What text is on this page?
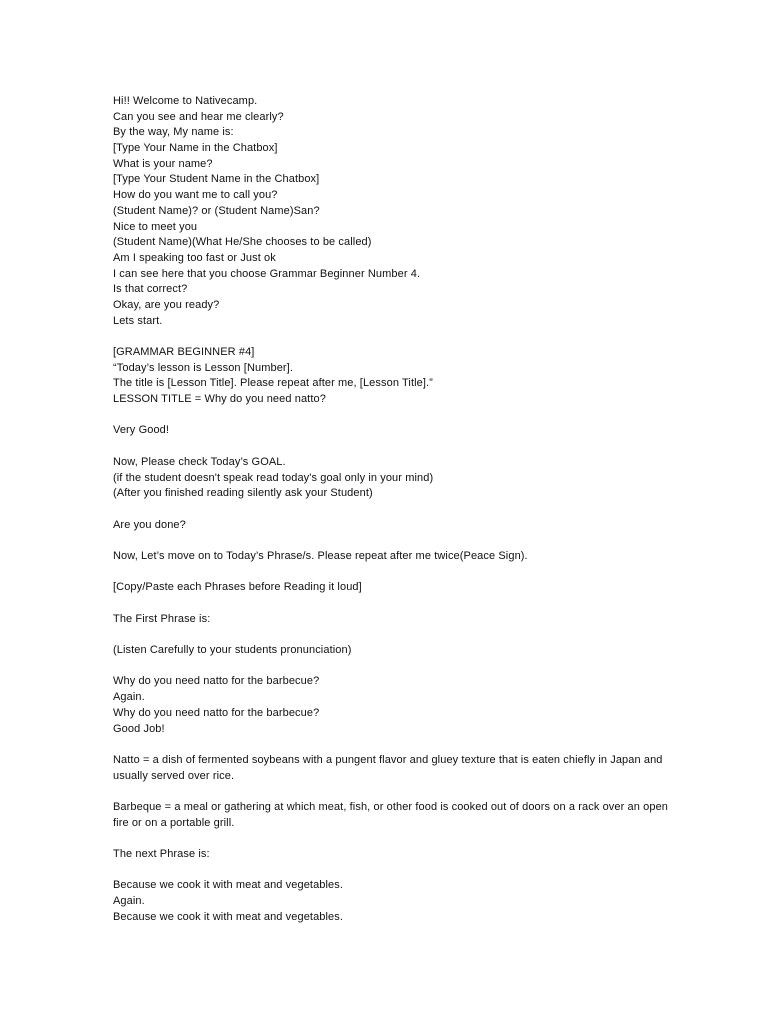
Hi!! Welcome to Nativecamp.
Can you see and hear me clearly?
By the way, My name is:
[Type Your Name in the Chatbox]
What is your name?
[Type Your Student Name in the Chatbox]
How do you want me to call you?
(Student Name)? or (Student Name)San?
Nice to meet you
(Student Name)(What He/She chooses to be called)
Am I speaking too fast or Just ok
I can see here that you choose Grammar Beginner Number 4.
Is that correct?
Okay, are you ready?
Lets start.
[GRAMMAR BEGINNER #4]
“Today’s lesson is Lesson [Number].
The title is [Lesson Title]. Please repeat after me, [Lesson Title].”
LESSON TITLE = Why do you need natto?
Very Good!
Now, Please check Today’s GOAL.
(if the student doesn't speak read today's goal only in your mind)
(After you finished reading silently ask your Student)
Are you done?
Now, Let’s move on to Today’s Phrase/s. Please repeat after me twice(Peace Sign).
[Copy/Paste each Phrases before Reading it loud]
The First Phrase is:
(Listen Carefully to your students pronunciation)
Why do you need natto for the barbecue?
Again.
Why do you need natto for the barbecue?
Good Job!
Natto = a dish of fermented soybeans with a pungent flavor and gluey texture that is eaten chiefly in Japan and usually served over rice.
Barbeque = a meal or gathering at which meat, fish, or other food is cooked out of doors on a rack over an open fire or on a portable grill.
The next Phrase is:
Because we cook it with meat and vegetables.
Again.
Because we cook it with meat and vegetables.
